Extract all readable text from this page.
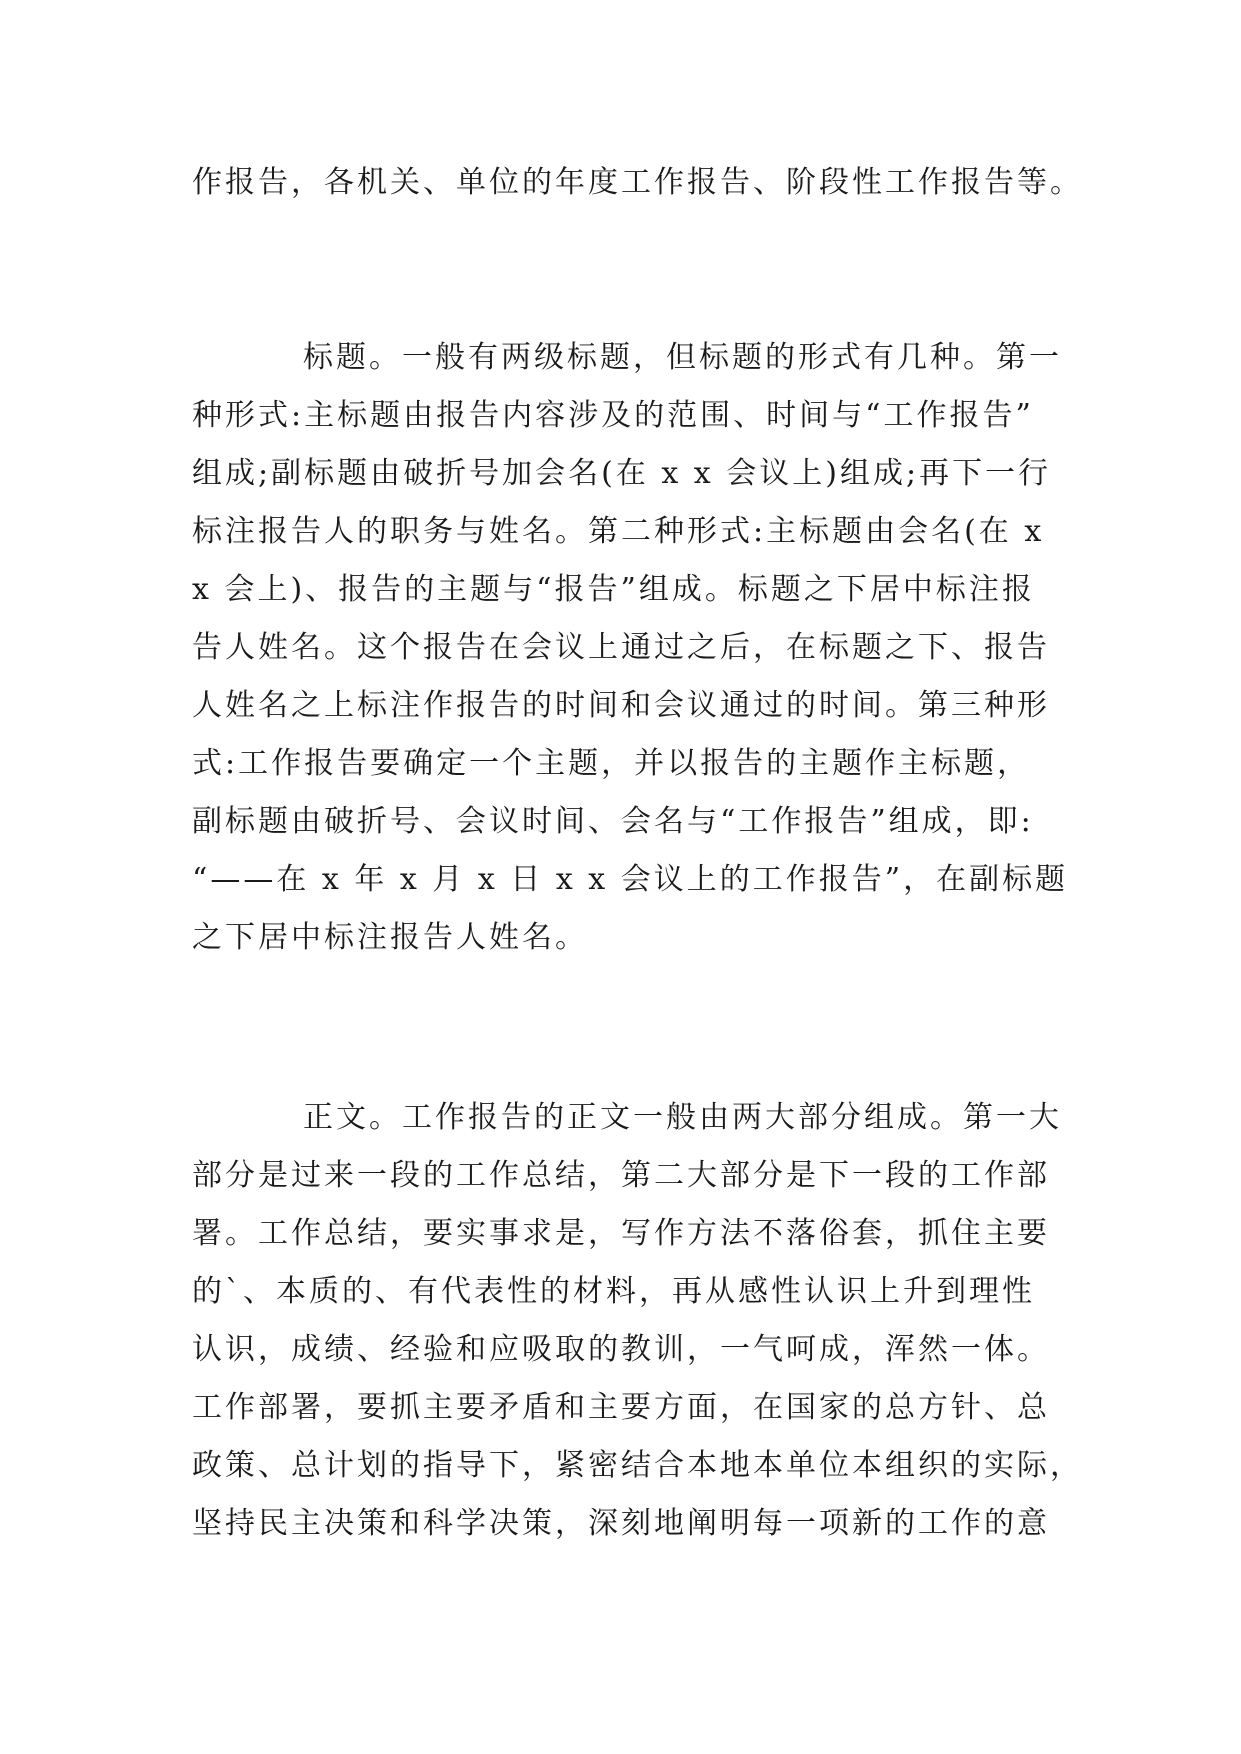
作报告，各机关、单位的年度工作报告、阶段性工作报告等。
标题。一般有两级标题，但标题的形式有几种。第一
种形式:主标题由报告内容涉及的范围、时间与“工作报告”
组成;副标题由破折号加会名(在 x x 会议上)组成;再下一行
标注报告人的职务与姓名。第二种形式:主标题由会名(在 x
x 会上)、报告的主题与“报告”组成。标题之下居中标注报
告人姓名。这个报告在会议上通过之后，在标题之下、报告
人姓名之上标注作报告的时间和会议通过的时间。第三种形
式:工作报告要确定一个主题，并以报告的主题作主标题，
副标题由破折号、会议时间、会名与“工作报告”组成，即:
“——在 x 年 x 月 x 日 x x 会议上的工作报告”，在副标题
之下居中标注报告人姓名。
正文。工作报告的正文一般由两大部分组成。第一大
部分是过来一段的工作总结，第二大部分是下一段的工作部
署。工作总结，要实事求是，写作方法不落俗套，抓住主要
的`、本质的、有代表性的材料，再从感性认识上升到理性
认识，成绩、经验和应吸取的教训，一气呵成，浑然一体。
工作部署，要抓主要矛盾和主要方面，在国家的总方针、总
政策、总计划的指导下，紧密结合本地本单位本组织的实际，
坚持民主决策和科学决策，深刻地阐明每一项新的工作的意
